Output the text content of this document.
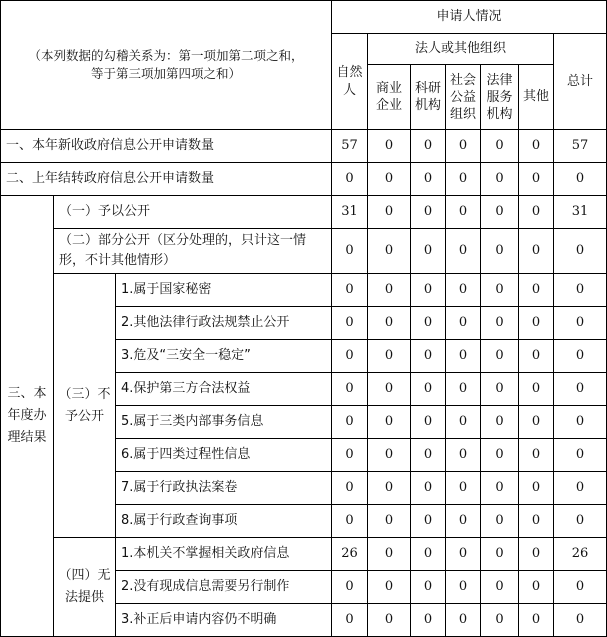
（本列数据的勾稽关系为：第一项加第二项之和，
等于第三项加第四项之和）			申请人情况						
			自然人	法人或其他组织					总计
				商业企业	科研机构	社会公益组织	法律服务机构	其他	
一、本年新收政府信息公开申请数量			57	0	0	0	0	0	57
二、上年结转政府信息公开申请数量			0	0	0	0	0	0	0
三、本年度办理结果	（一）予以公开		31	0	0	0	0	0	31
	（二）部分公开（区分处理的，只计这一情形，不计其他情形）		0	0	0	0	0	0	0
	（三）不予公开	1.属于国家秘密	0	0	0	0	0	0	0
		2.其他法律行政法规禁止公开	0	0	0	0	0	0	0
		3.危及“三安全一稳定”	0	0	0	0	0	0	0
		4.保护第三方合法权益	0	0	0	0	0	0	0
		5.属于三类内部事务信息	0	0	0	0	0	0	0
		6.属于四类过程性信息	0	0	0	0	0	0	0
		7.属于行政执法案卷	0	0	0	0	0	0	0
		8.属于行政查询事项	0	0	0	0	0	0	0
	（四）无法提供	1.本机关不掌握相关政府信息	26	0	0	0	0	0	26
		2.没有现成信息需要另行制作	0	0	0	0	0	0	0
		3.补正后申请内容仍不明确	0	0	0	0	0	0	0
